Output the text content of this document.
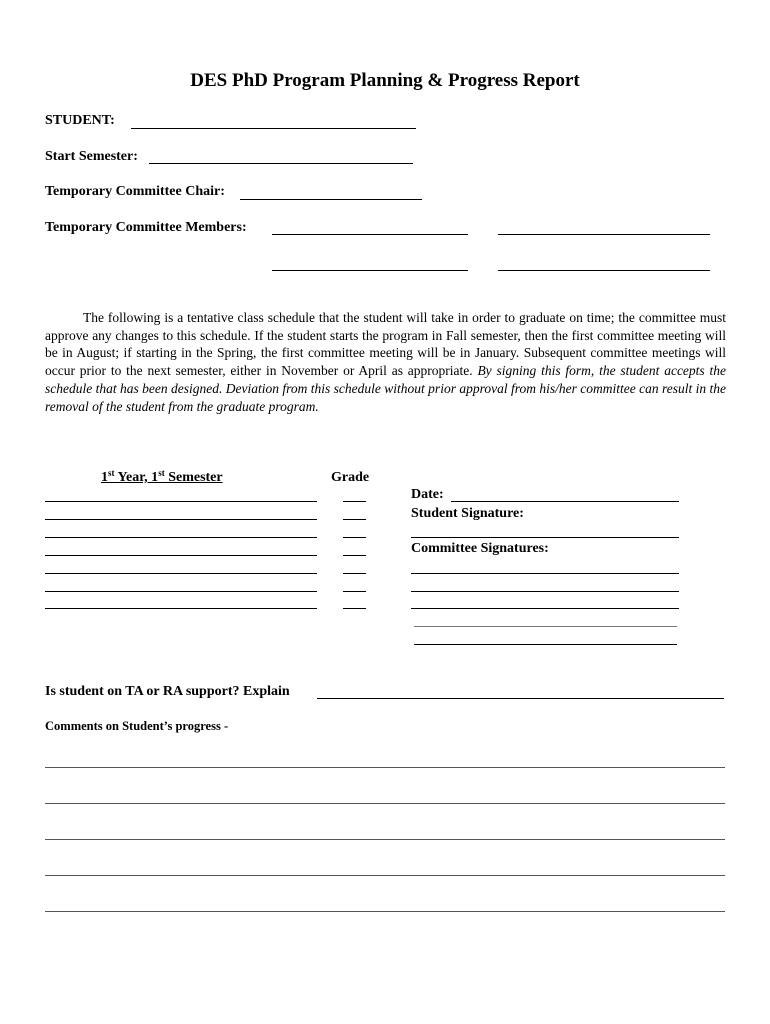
DES PhD Program Planning & Progress Report
STUDENT:
Start Semester:
Temporary Committee Chair:
Temporary Committee Members:

The following is a tentative class schedule that the student will take in order to graduate on time; the committee must approve any changes to this schedule. If the student starts the program in Fall semester, then the first committee meeting will be in August; if starting in the Spring, the first committee meeting will be in January. Subsequent committee meetings will occur prior to the next semester, either in November or April as appropriate. By signing this form, the student accepts the schedule that has been designed. Deviation from this schedule without prior approval from his/her committee can result in the removal of the student from the graduate program.

1st Year, 1st Semester	Grade
Date:
Student Signature:
Committee Signatures:
Is student on TA or RA support? Explain
Comments on Student’s progress -
